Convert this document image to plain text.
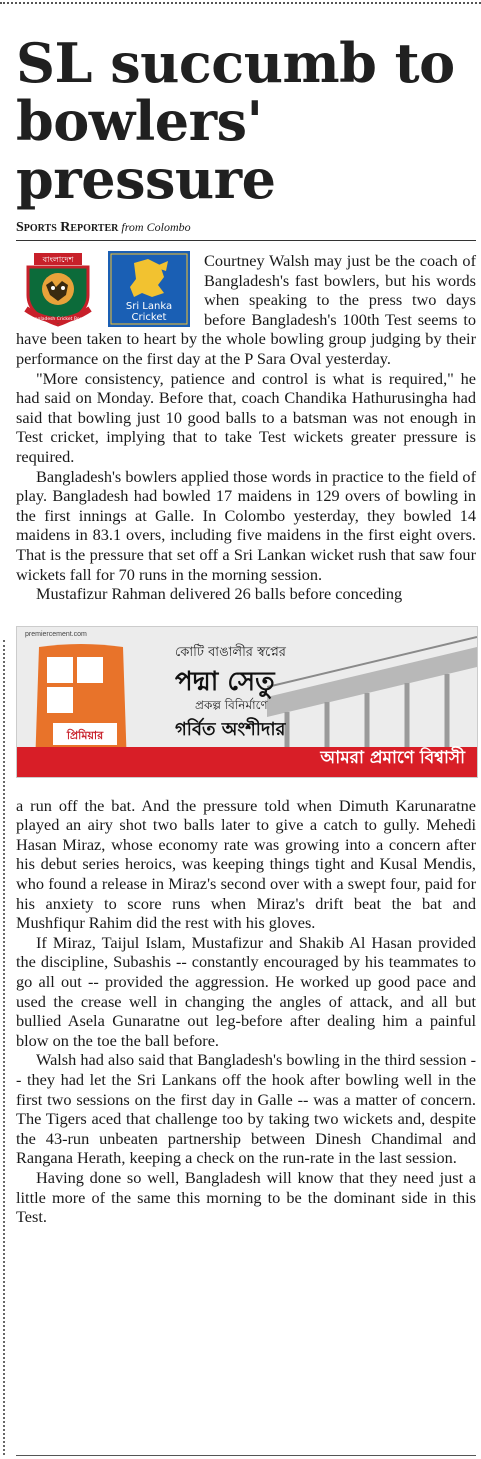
SL succumb to bowlers' pressure
Sports Reporter from Colombo
বাংলাদেশ
Bangladesh Cricket Board
Sri Lanka
Cricket

Courtney Walsh may just be the coach of Bangladesh's fast bowlers, but his words when speaking to the press two days before Bangladesh's 100th Test seems to have been taken to heart by the whole bowling group judging by their performance on the first day at the P Sara Oval yesterday.

"More consistency, patience and control is what is required," he had said on Monday. Before that, coach Chandika Hathurusingha had said that bowling just 10 good balls to a batsman was not enough in Test cricket, implying that to take Test wickets greater pressure is required.

Bangladesh's bowlers applied those words in practice to the field of play. Bangladesh had bowled 17 maidens in 129 overs of bowling in the first innings at Galle. In Colombo yesterday, they bowled 14 maidens in 83.1 overs, including five maidens in the first eight overs. That is the pressure that set off a Sri Lankan wicket rush that saw four wickets fall for 70 runs in the morning session.

Mustafizur Rahman delivered 26 balls before conceding

premiercement.com
প্রিমিয়ার
কোটি বাঙালীর স্বপ্নের
পদ্মা সেতু
প্রকল্প বিনির্মাণে
গর্বিত অংশীদার
আমরা প্রমাণে বিশ্বাসী

a run off the bat. And the pressure told when Dimuth Karunaratne played an airy shot two balls later to give a catch to gully. Mehedi Hasan Miraz, whose economy rate was growing into a concern after his debut series heroics, was keeping things tight and Kusal Mendis, who found a release in Miraz's second over with a swept four, paid for his anxiety to score runs when Miraz's drift beat the bat and Mushfiqur Rahim did the rest with his gloves.

If Miraz, Taijul Islam, Mustafizur and Shakib Al Hasan provided the discipline, Subashis -- constantly encouraged by his teammates to go all out -- provided the aggression. He worked up good pace and used the crease well in changing the angles of attack, and all but bullied Asela Gunaratne out leg-before after dealing him a painful blow on the toe the ball before.

Walsh had also said that Bangladesh's bowling in the third session -- they had let the Sri Lankans off the hook after bowling well in the first two sessions on the first day in Galle -- was a matter of concern. The Tigers aced that challenge too by taking two wickets and, despite the 43-run unbeaten partnership between Dinesh Chandimal and Rangana Herath, keeping a check on the run-rate in the last session.

Having done so well, Bangladesh will know that they need just a little more of the same this morning to be the dominant side in this Test.
